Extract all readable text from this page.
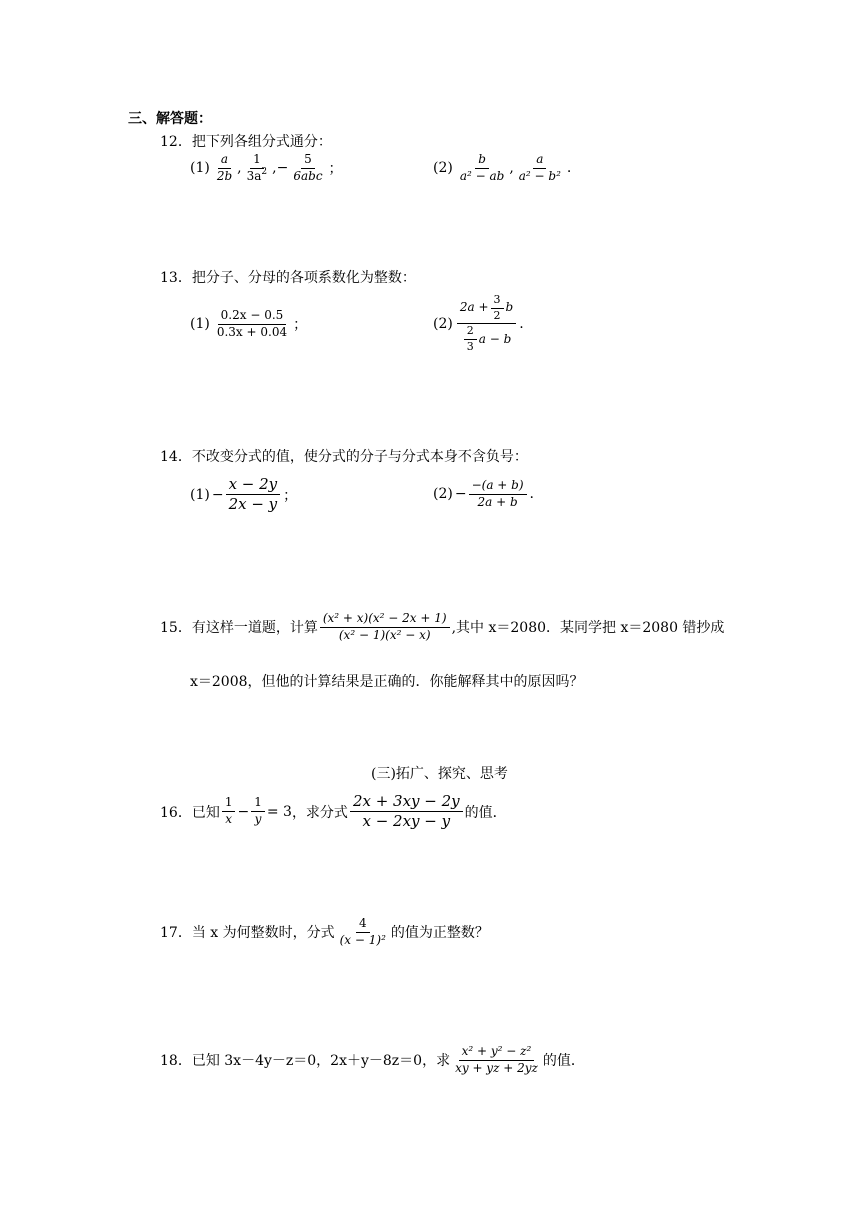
三、解答题：
12．把下列各组分式通分：
$(1) \frac{a}{2b}$ , $\frac{1}{3a^2}$ ,− $\frac{5}{\text{6abc}}$ ；	$(2) \frac{b}{\text{a² − ab}}$ , $\frac{a}{\text{a² − b²}}$ .
13．把分子、分母的各项系数化为整数：
$(1) \frac{0.2x - 0.5}{0.3x + 0.04}$ ；	$(2) \frac{2a + \frac{3}{2} b}{\frac{2}{3} a - b}$ .
14．不改变分式的值，使分式的分子与分式本身不含负号：
$(1) - \frac{x - 2y}{2x - y}$ ；	$(2) - \frac{-(a + b)}{2a + b}$ .
15．有这样一道题，计算 $\frac{\text{(x² + x)(x² − 2x + 1)}}{\text{(x² − 1)(x² − x)}}$ ,其中 x＝2080．某同学把 x＝2080 错抄成
x＝2008，但他的计算结果是正确的．你能解释其中的原因吗？
(三)拓广、探究、思考
16．已知 $\frac{1}{x} - \frac{1}{y} = 3$ ，求分式 $\frac{2x + 3xy - 2y}{x - 2xy - y}$ 的值．
17．当 x 为何整数时，分式 $\frac{4}{\text{(x − 1)²}}$ 的值为正整数？
18．已知 3x－4y－z＝0，2x＋y－8z＝0，求 $\frac{\text{x² + y² − z²}}{xy + yz + 2yz}$ 的值．
